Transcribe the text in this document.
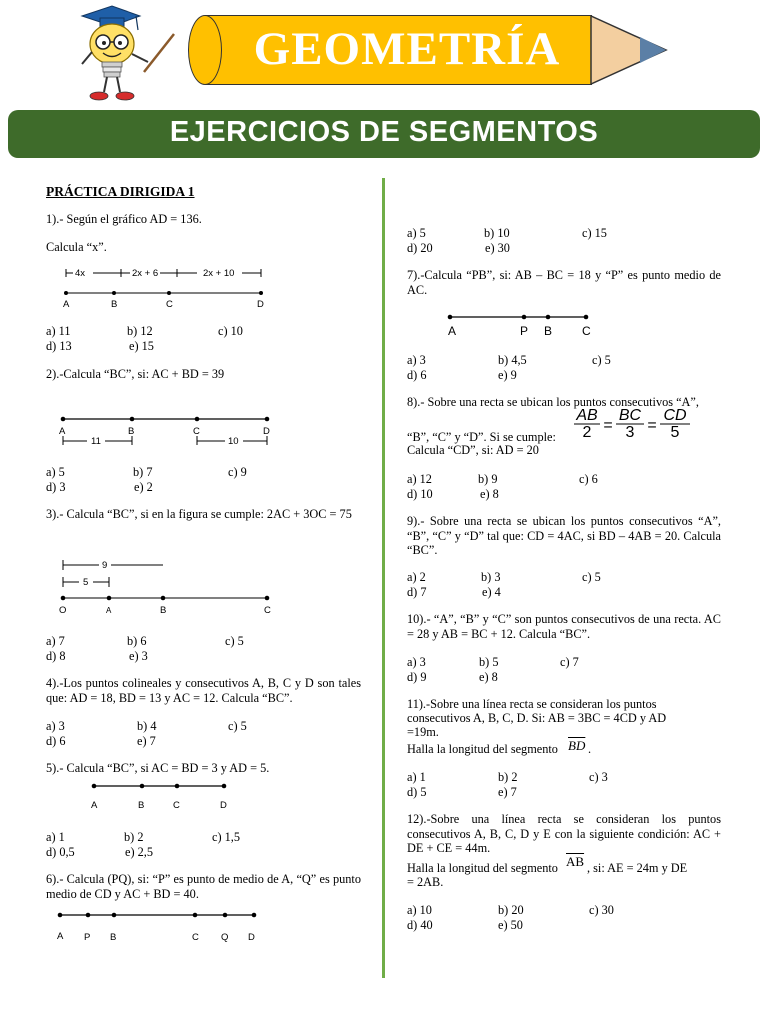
GEOMETRÍA
EJERCICIOS DE SEGMENTOS
PRÁCTICA DIRIGIDA 1
1).- Según el gráfico AD = 136.
Calcula “x”.
4x	2x + 6	2x + 10
A	B	C	D
a) 11	b) 12	c) 10
d) 13	e) 15
2).-Calcula “BC”, si: AC + BD = 39
A	B	C	D
11	10
a) 5	b) 7	c) 9
d) 3	e) 2
3).- Calcula “BC”, si en la figura se cumple: 2AC + 3OC = 75
9
5
O	A	B	C
a) 7	b) 6	c) 5
d) 8	e) 3
4).-Los puntos colineales y consecutivos A, B, C y D son tales que: AD = 18, BD = 13 y AC = 12. Calcula “BC”.
a) 3	b) 4	c) 5
d) 6	e) 7
5).- Calcula “BC”, si AC = BD = 3 y AD = 5.
A	B	C	D
a) 1	b) 2	c) 1,5
d) 0,5	e) 2,5
6).- Calcula (PQ), si: “P” es punto de medio de A, “Q” es punto medio de CD y AC + BD = 40.
A P B	C Q D
a) 5	b) 10	c) 15
d) 20	e) 30
7).-Calcula “PB”, si: AB – BC = 18 y “P” es punto medio de AC.
A	P B C
a) 3	b) 4,5	c) 5
d) 6	e) 9
8).- Sobre una recta se ubican los puntos consecutivos “A”,
“B”, “C” y “D”. Si se cumple:
Calcula “CD”, si: AD = 20
AB
2
BC
3
CD
5
= =
a) 12	b) 9	c) 6
d) 10	e) 8
9).- Sobre una recta se ubican los puntos consecutivos “A”, “B”, “C” y “D” tal que: CD = 4AC, si BD – 4AB = 20. Calcula “BC”.
a) 2	b) 3	c) 5
d) 7	e) 4
10).- “A”, “B” y “C” son puntos consecutivos de una recta. AC = 28 y AB = BC + 12. Calcula “BC”.
a) 3	b) 5	c) 7
d) 9	e) 8
11).-Sobre una línea recta se consideran los puntos
consecutivos A, B, C, D. Si: AB = 3BC = 4CD y AD
=19m.
Halla la longitud del segmento $\overline{BD}$ .
a) 1	b) 2	c) 3
d) 5	e) 7
12).-Sobre una línea recta se consideran los puntos consecutivos A, B, C, D y E con la siguiente condición: AC + DE + CE = 44m.
Halla la longitud del segmento $\overline{AB}$ , si: AE = 24m y DE
= 2AB.
a) 10	b) 20	c) 30
d) 40	e) 50
